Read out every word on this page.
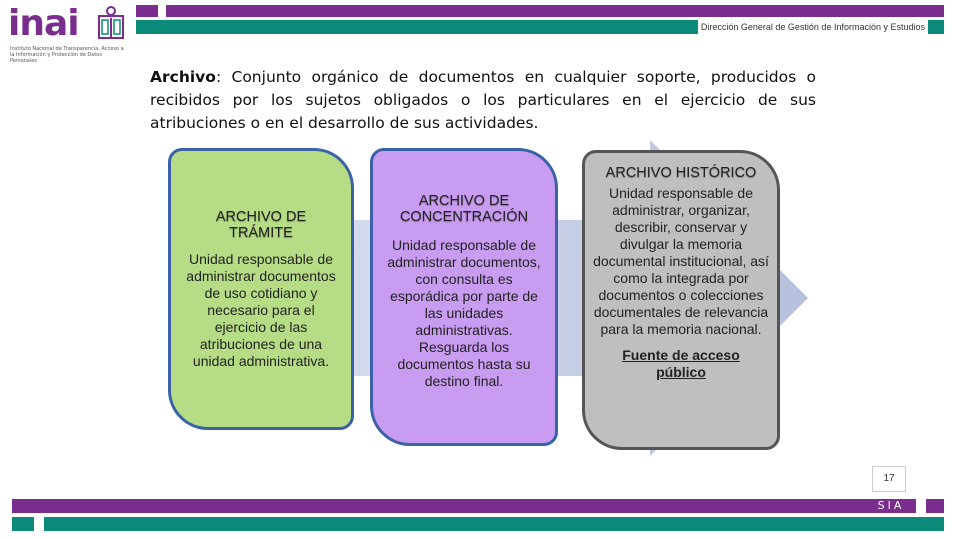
inai
Instituto Nacional de Transparencia, Acceso a la Información y Protección de Datos Personales
Dirección General de Gestión de Información y Estudios
Archivo: Conjunto orgánico de documentos en cualquier soporte, producidos o
recibidos por los sujetos obligados o los particulares en el ejercicio de sus
atribuciones o en el desarrollo de sus actividades.
ARCHIVO DE
TRÁMITE
Unidad responsable de administrar documentos de uso cotidiano y necesario para el ejercicio de las atribuciones de una unidad administrativa.
ARCHIVO DE
CONCENTRACIÓN
Unidad responsable de administrar documentos, con consulta es esporádica por parte de las unidades administrativas. Resguarda los documentos hasta su destino final.
ARCHIVO HISTÓRICO
Unidad responsable de administrar, organizar, describir, conservar y divulgar la memoria documental institucional, así como la integrada por documentos o colecciones documentales de relevancia para la memoria nacional.
Fuente de acceso público
17
SIA
